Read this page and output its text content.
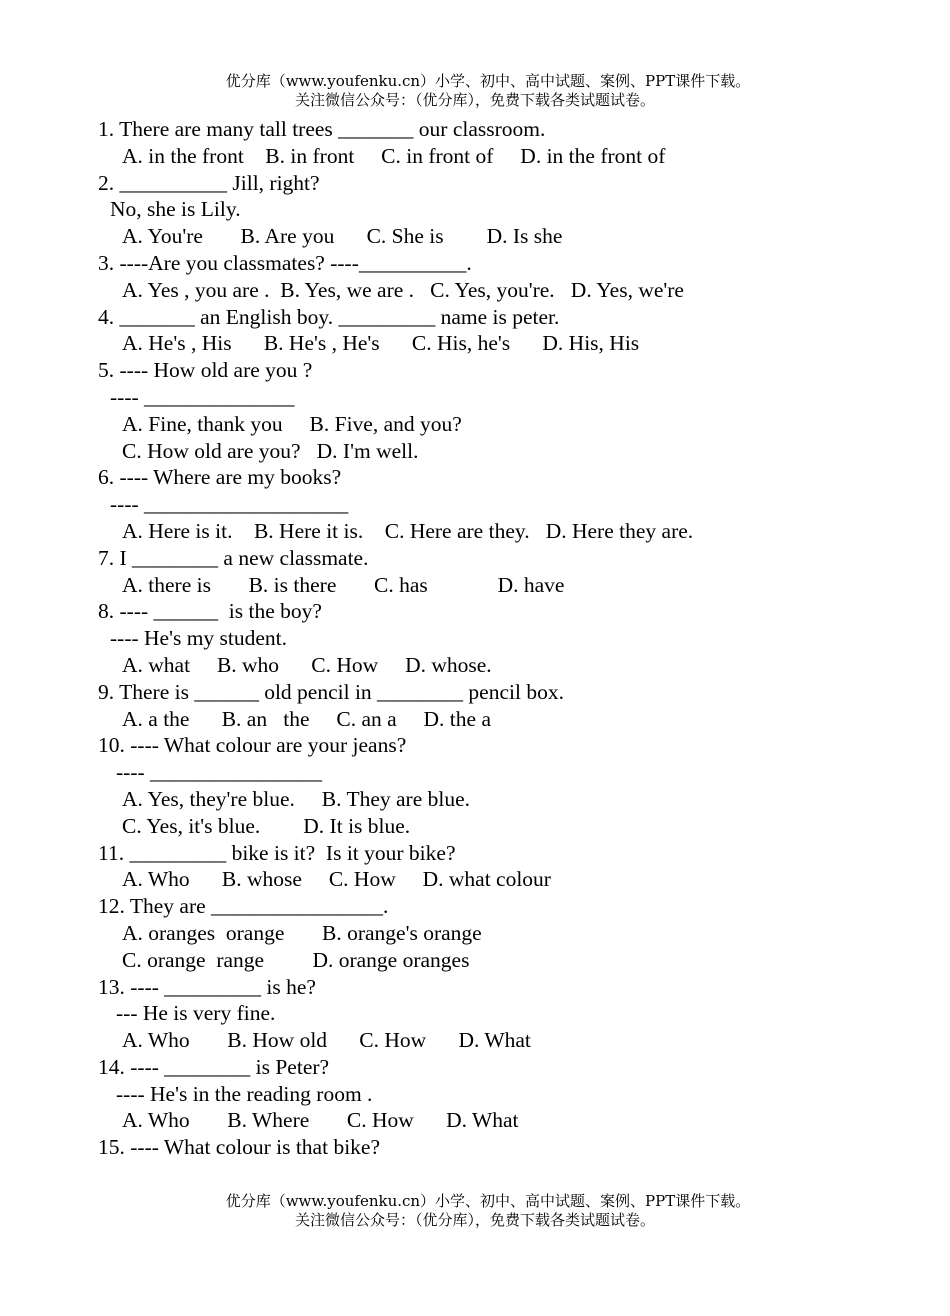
优分库（www.youfenku.cn）小学、初中、高中试题、案例、PPT课件下载。
关注微信公众号：（优分库），免费下载各类试题试卷。
1. There are many tall trees _______ our classroom.
A. in the front    B. in front     C. in front of     D. in the front of
2. __________ Jill, right?
No, she is Lily.
A. You're       B. Are you      C. She is        D. Is she
3. ----Are you classmates? ----__________.
A. Yes , you are .  B. Yes, we are .   C. Yes, you're.   D. Yes, we're
4. _______ an English boy. _________ name is peter.
A. He's , His      B. He's , He's      C. His, he's      D. His, His
5. ---- How old are you ?
---- ______________
A. Fine, thank you     B. Five, and you?
C. How old are you?   D. I'm well.
6. ---- Where are my books?
---- ___________________
A. Here is it.    B. Here it is.    C. Here are they.   D. Here they are.
7. I ________ a new classmate.
A. there is       B. is there       C. has             D. have
8. ---- ______  is the boy?
---- He's my student.
A. what     B. who      C. How     D. whose.
9. There is ______ old pencil in ________ pencil box.
A. a the      B. an   the     C. an a     D. the a
10. ---- What colour are your jeans?
---- ________________
A. Yes, they're blue.     B. They are blue.
C. Yes, it's blue.        D. It is blue.
11. _________ bike is it?  Is it your bike?
A. Who      B. whose     C. How     D. what colour
12. They are ________________.
A. oranges  orange       B. orange's orange
C. orange  range         D. orange oranges
13. ---- _________ is he?
--- He is very fine.
A. Who       B. How old      C. How      D. What
14. ---- ________ is Peter?
---- He's in the reading room .
A. Who       B. Where       C. How      D. What
15. ---- What colour is that bike?
优分库（www.youfenku.cn）小学、初中、高中试题、案例、PPT课件下载。
关注微信公众号：（优分库），免费下载各类试题试卷。
